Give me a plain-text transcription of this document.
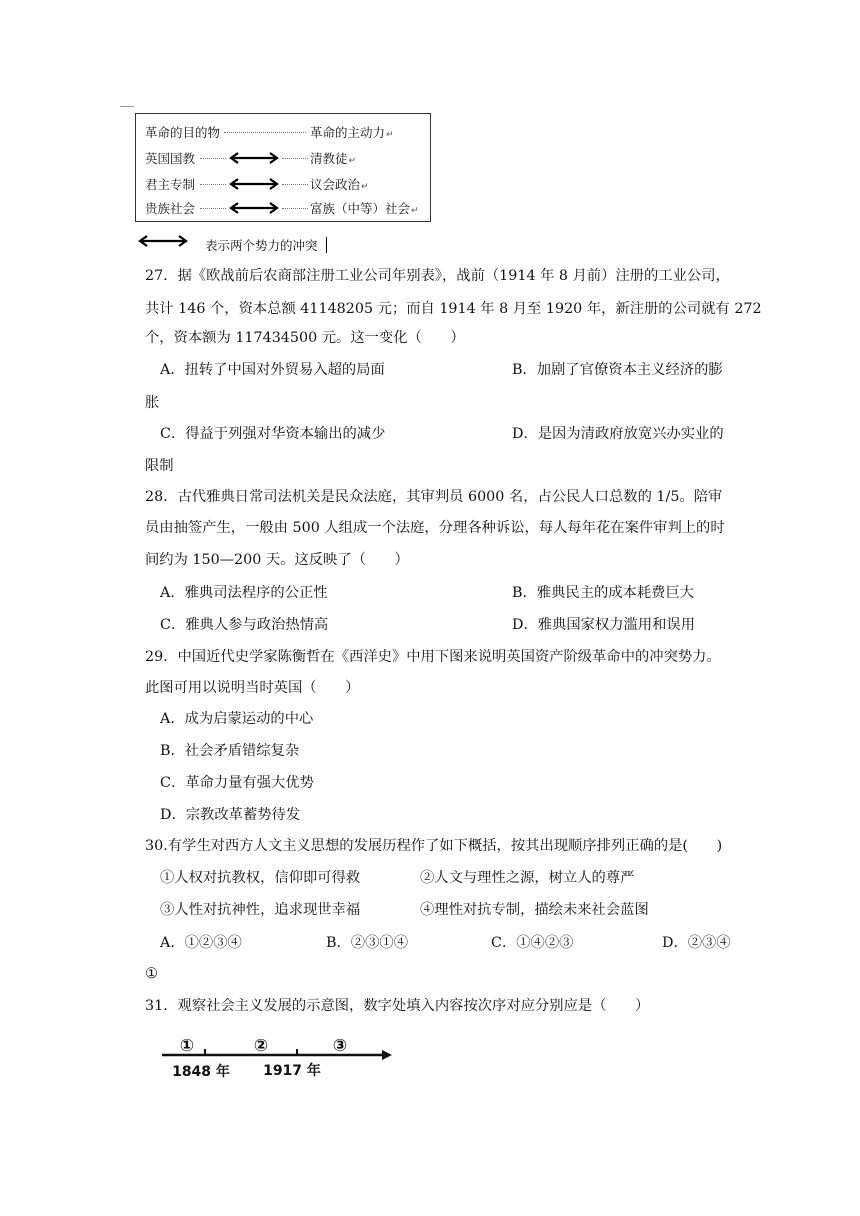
革命的目的物	革命的主动力↵
英国国教	清教徒↵
君主专制	议会政治↵
贵族社会	富族（中等）社会↵
表示两个势力的冲突
27．据《欧战前后农商部注册工业公司年别表》，战前（1914 年 8 月前）注册的工业公司，
共计 146 个，资本总额 41148205 元；而自 1914 年 8 月至 1920 年，新注册的公司就有 272
个，资本额为 117434500 元。这一变化（　　）
A．扭转了中国对外贸易入超的局面	B．加剧了官僚资本主义经济的膨
胀
C．得益于列强对华资本输出的减少	D．是因为清政府放宽兴办实业的
限制
28．古代雅典日常司法机关是民众法庭，其审判员 6000 名，占公民人口总数的 1/5。陪审
员由抽签产生，一般由 500 人组成一个法庭，分理各种诉讼，每人每年花在案件审判上的时
间约为 150—200 天。这反映了（　　）
A．雅典司法程序的公正性	B．雅典民主的成本耗费巨大
C．雅典人参与政治热情高	D．雅典国家权力滥用和误用
29．中国近代史学家陈衡哲在《西洋史》中用下图来说明英国资产阶级革命中的冲突势力。
此图可用以说明当时英国（　　）
A．成为启蒙运动的中心
B．社会矛盾错综复杂
C．革命力量有强大优势
D．宗教改革蓄势待发
30.有学生对西方人文主义思想的发展历程作了如下概括，按其出现顺序排列正确的是(　　)
①人权对抗教权，信仰即可得救	②人文与理性之源，树立人的尊严
③人性对抗神性，追求现世幸福	④理性对抗专制，描绘未来社会蓝图
A．①②③④	B．②③①④	C．①④②③	D．②③④
①
31．观察社会主义发展的示意图，数字处填入内容按次序对应分别应是（　　）
①	②	③
1848 年 1917 年
